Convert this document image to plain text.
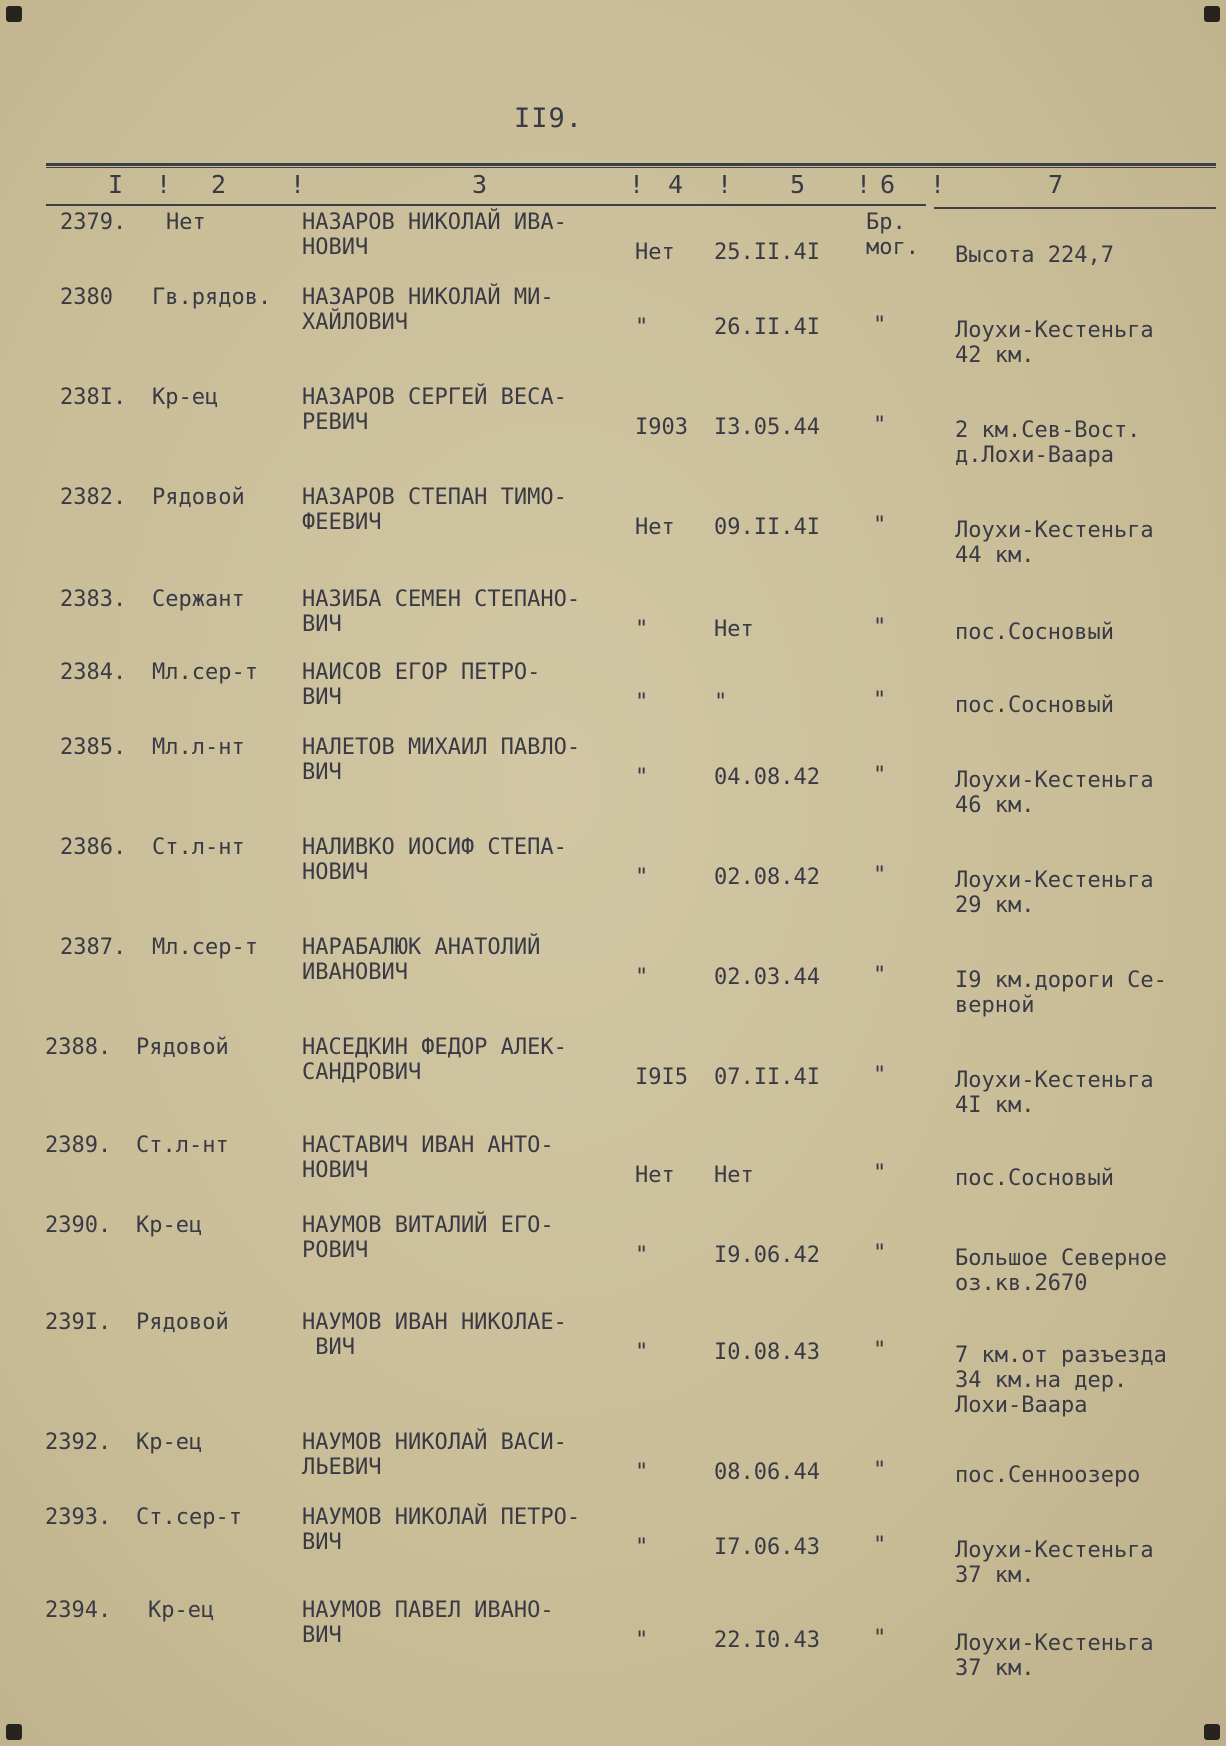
II9.
I ! 2	!	3	! 4 ! 5 ! 6 !	7
2379. Нет	НАЗАРОВ НИКОЛАЙ ИВА-
НОВИЧ	Нет 25.II.4I
Бр. мог.	Высота 224,7
2380 Гв.рядов. НАЗАРОВ НИКОЛАЙ МИ-
ХАЙЛОВИЧ	"	26.II.4I "	Лоухи-Кестеньга
42 км.
238I. Кр-ец	НАЗАРОВ СЕРГЕЙ ВЕСА-
РЕВИЧ	I903 I3.05.44 "	2 км.Сев-Вост.
д.Лохи-Ваара
2382. Рядовой	НАЗАРОВ СТЕПАН ТИМО-
ФЕЕВИЧ	Нет 09.II.4I "	Лоухи-Кестеньга
44 км.
2383. Сержант	НАЗИБА СЕМЕН СТЕПАНО-
ВИЧ	"	Нет	"	пос.Сосновый
2384. Мл.сер-т НАИСОВ ЕГОР ПЕТРО-
ВИЧ	"	"	"	пос.Сосновый
2385. Мл.л-нт	НАЛЕТОВ МИХАИЛ ПАВЛО-
ВИЧ	"	04.08.42 "	Лоухи-Кестеньга
46 км.
2386. Ст.л-нт	НАЛИВКО ИОСИФ СТЕПА-
НОВИЧ	"	02.08.42 "	Лоухи-Кестеньга
29 км.
2387. Мл.сер-т НАРАБАЛЮК АНАТОЛИЙ
ИВАНОВИЧ	"	02.03.44 "	I9 км.дороги Се-
верной
2388. Рядовой	НАСЕДКИН ФЕДОР АЛЕК-
САНДРОВИЧ	I9I5 07.II.4I "	Лоухи-Кестеньга
4I км.
2389. Ст.л-нт	НАСТАВИЧ ИВАН АНТО-
НОВИЧ	Нет Нет	"	пос.Сосновый
2390. Кр-ец	НАУМОВ ВИТАЛИЙ ЕГО-
РОВИЧ	"	I9.06.42 "	Большое Северное
оз.кв.2670
239I. Рядовой	НАУМОВ ИВАН НИКОЛАЕ-
ВИЧ	"	I0.08.43 "	7 км.от разъезда
34 км.на дер.
Лохи-Ваара
2392. Кр-ец	НАУМОВ НИКОЛАЙ ВАСИ-
ЛЬЕВИЧ	"	08.06.44 "	пос.Сенноозеро
2393. Ст.сер-т	НАУМОВ НИКОЛАЙ ПЕТРО-
ВИЧ	"	I7.06.43 "	Лоухи-Кестеньга
37 км.
2394. Кр-ец	НАУМОВ ПАВЕЛ ИВАНО-
ВИЧ	"	22.I0.43 "	Лоухи-Кестеньга
37 км.
